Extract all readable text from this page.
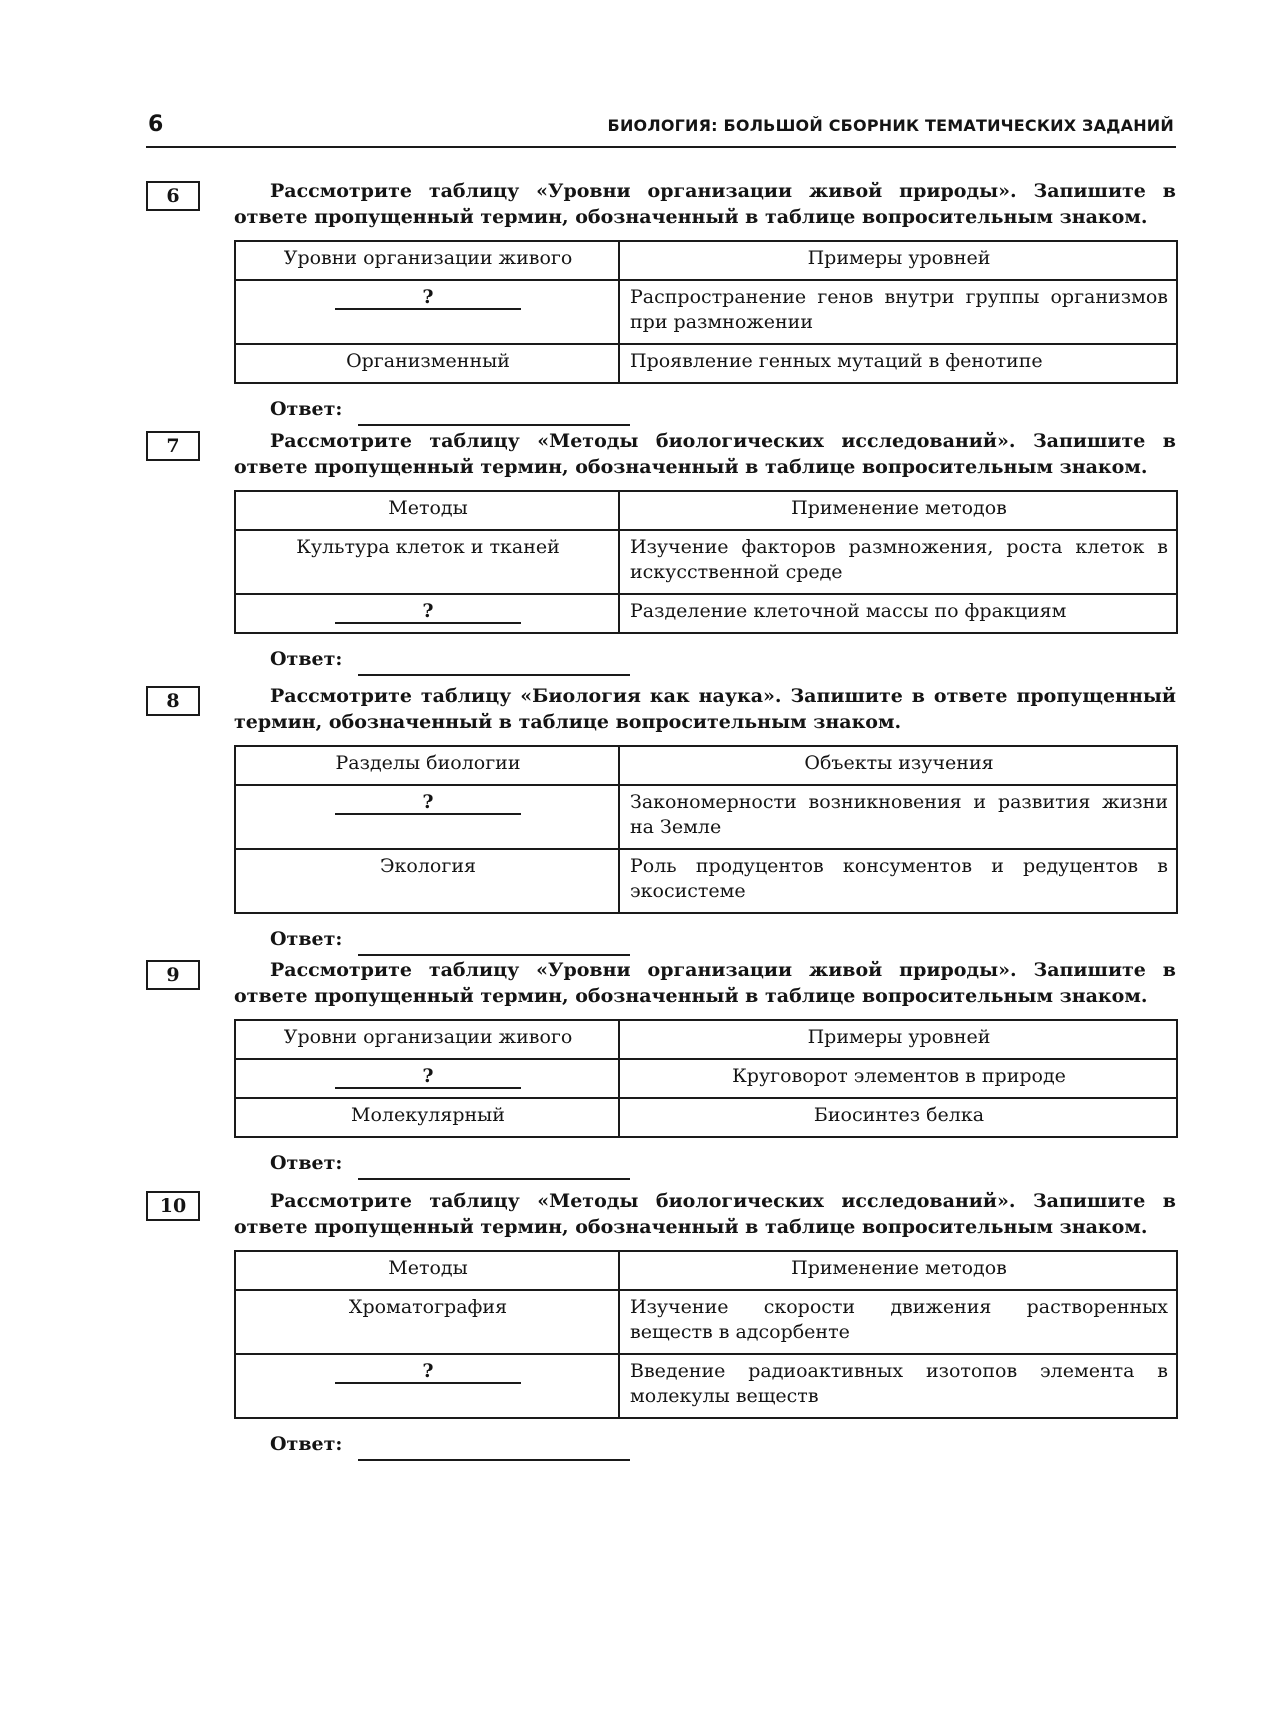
6	БИОЛОГИЯ: БОЛЬШОЙ СБОРНИК ТЕМАТИЧЕСКИХ ЗАДАНИЙ
6	Рассмотрите таблицу «Уровни организации живой природы». Запишите в ответе пропущенный термин, обозначенный в таблице вопросительным знаком.
Уровни организации живого	Примеры уровней
?	Распространение генов внутри группы организмов при размножении
Организменный	Проявление генных мутаций в фенотипе
Ответ:
7	Рассмотрите таблицу «Методы биологических исследований». Запишите в ответе пропущенный термин, обозначенный в таблице вопросительным знаком.
Методы	Применение методов
Культура клеток и тканей	Изучение факторов размножения, роста клеток в искусственной среде
?	Разделение клеточной массы по фракциям
Ответ:
8	Рассмотрите таблицу «Биология как наука». Запишите в ответе пропущенный термин, обозначенный в таблице вопросительным знаком.
Разделы биологии	Объекты изучения
?	Закономерности возникновения и развития жизни на Земле
Экология	Роль продуцентов консументов и редуцентов в экосистеме
Ответ:
9	Рассмотрите таблицу «Уровни организации живой природы». Запишите в ответе пропущенный термин, обозначенный в таблице вопросительным знаком.
Уровни организации живого	Примеры уровней
?	Круговорот элементов в природе
Молекулярный	Биосинтез белка
Ответ:
10	Рассмотрите таблицу «Методы биологических исследований». Запишите в ответе пропущенный термин, обозначенный в таблице вопросительным знаком.
Методы	Применение методов
Хроматография	Изучение скорости движения растворенных веществ в адсорбенте
?	Введение радиоактивных изотопов элемента в молекулы веществ
Ответ:
